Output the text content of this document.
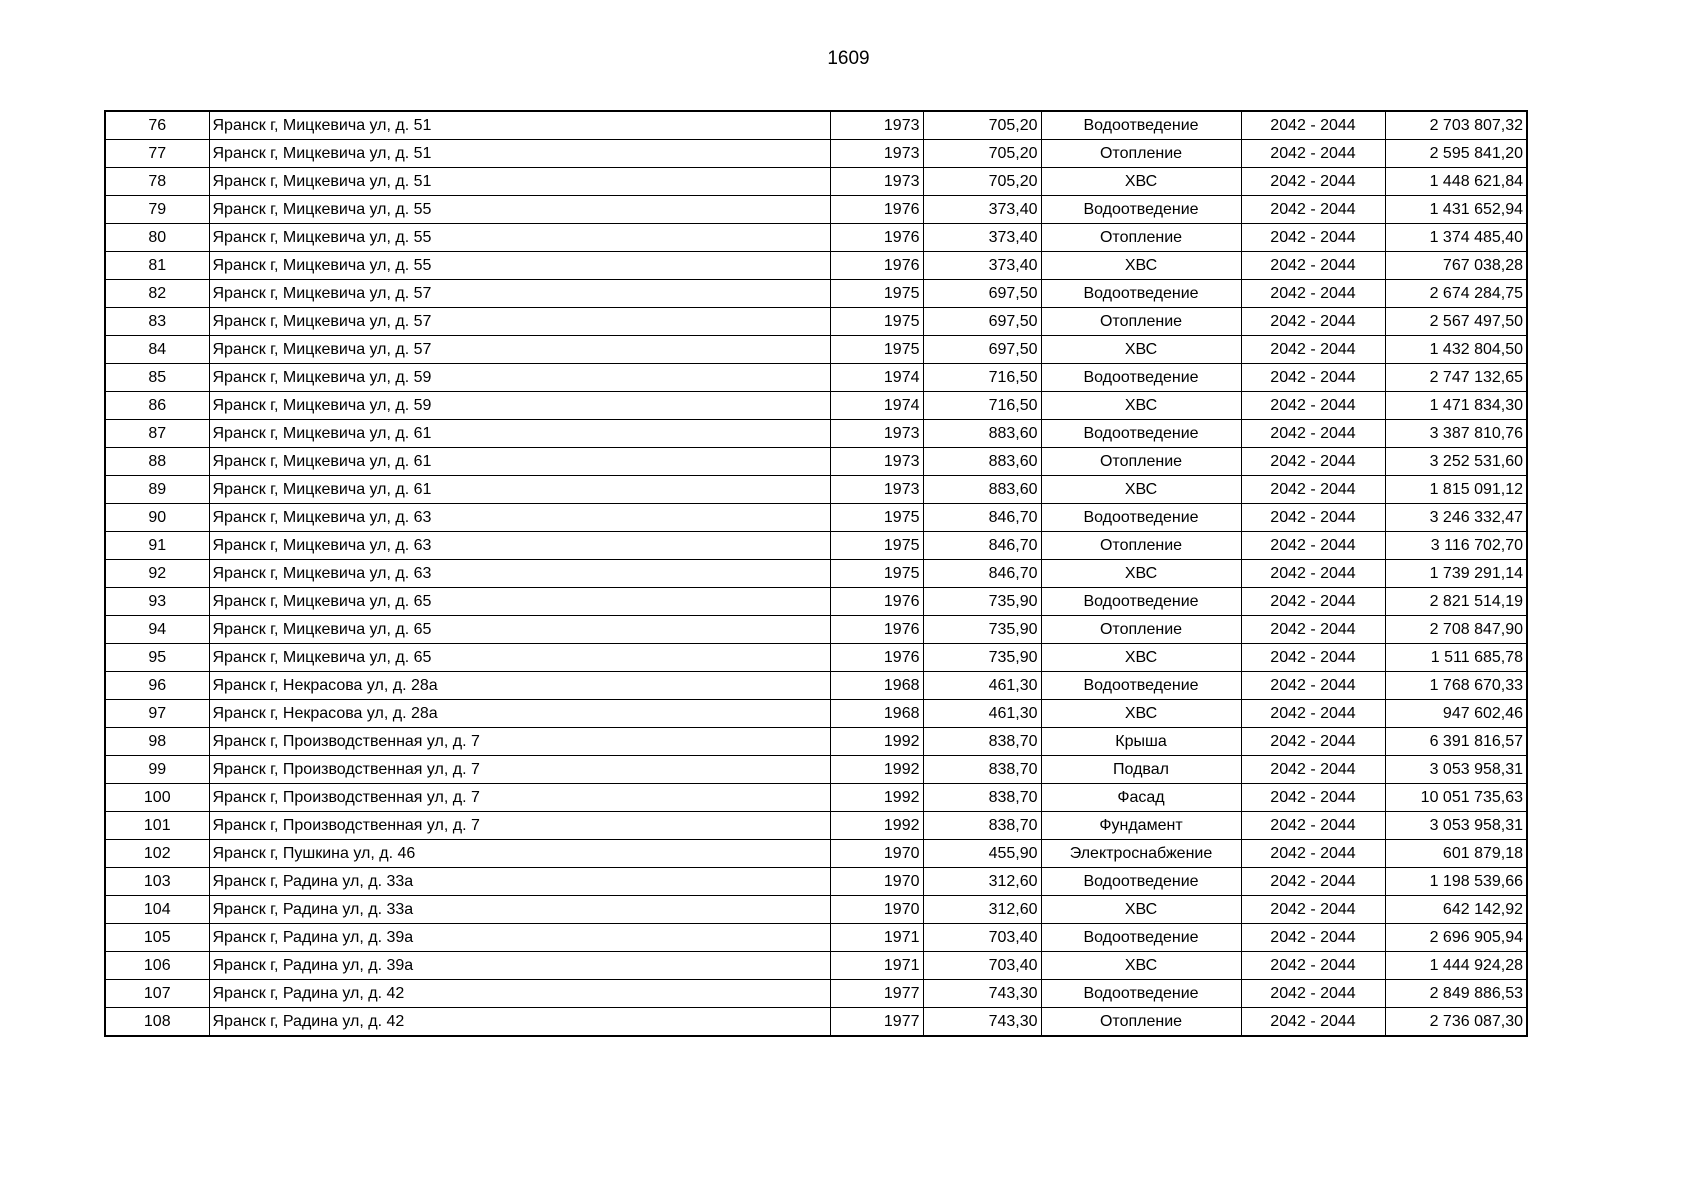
1609
76	Яранск г, Мицкевича ул, д. 51	1973	705,20	Водоотведение	2042 - 2044	2 703 807,32
77	Яранск г, Мицкевича ул, д. 51	1973	705,20	Отопление	2042 - 2044	2 595 841,20
78	Яранск г, Мицкевича ул, д. 51	1973	705,20	ХВС	2042 - 2044	1 448 621,84
79	Яранск г, Мицкевича ул, д. 55	1976	373,40	Водоотведение	2042 - 2044	1 431 652,94
80	Яранск г, Мицкевича ул, д. 55	1976	373,40	Отопление	2042 - 2044	1 374 485,40
81	Яранск г, Мицкевича ул, д. 55	1976	373,40	ХВС	2042 - 2044	767 038,28
82	Яранск г, Мицкевича ул, д. 57	1975	697,50	Водоотведение	2042 - 2044	2 674 284,75
83	Яранск г, Мицкевича ул, д. 57	1975	697,50	Отопление	2042 - 2044	2 567 497,50
84	Яранск г, Мицкевича ул, д. 57	1975	697,50	ХВС	2042 - 2044	1 432 804,50
85	Яранск г, Мицкевича ул, д. 59	1974	716,50	Водоотведение	2042 - 2044	2 747 132,65
86	Яранск г, Мицкевича ул, д. 59	1974	716,50	ХВС	2042 - 2044	1 471 834,30
87	Яранск г, Мицкевича ул, д. 61	1973	883,60	Водоотведение	2042 - 2044	3 387 810,76
88	Яранск г, Мицкевича ул, д. 61	1973	883,60	Отопление	2042 - 2044	3 252 531,60
89	Яранск г, Мицкевича ул, д. 61	1973	883,60	ХВС	2042 - 2044	1 815 091,12
90	Яранск г, Мицкевича ул, д. 63	1975	846,70	Водоотведение	2042 - 2044	3 246 332,47
91	Яранск г, Мицкевича ул, д. 63	1975	846,70	Отопление	2042 - 2044	3 116 702,70
92	Яранск г, Мицкевича ул, д. 63	1975	846,70	ХВС	2042 - 2044	1 739 291,14
93	Яранск г, Мицкевича ул, д. 65	1976	735,90	Водоотведение	2042 - 2044	2 821 514,19
94	Яранск г, Мицкевича ул, д. 65	1976	735,90	Отопление	2042 - 2044	2 708 847,90
95	Яранск г, Мицкевича ул, д. 65	1976	735,90	ХВС	2042 - 2044	1 511 685,78
96	Яранск г, Некрасова ул, д. 28а	1968	461,30	Водоотведение	2042 - 2044	1 768 670,33
97	Яранск г, Некрасова ул, д. 28а	1968	461,30	ХВС	2042 - 2044	947 602,46
98	Яранск г, Производственная ул, д. 7	1992	838,70	Крыша	2042 - 2044	6 391 816,57
99	Яранск г, Производственная ул, д. 7	1992	838,70	Подвал	2042 - 2044	3 053 958,31
100	Яранск г, Производственная ул, д. 7	1992	838,70	Фасад	2042 - 2044	10 051 735,63
101	Яранск г, Производственная ул, д. 7	1992	838,70	Фундамент	2042 - 2044	3 053 958,31
102	Яранск г, Пушкина ул, д. 46	1970	455,90	Электроснабжение	2042 - 2044	601 879,18
103	Яранск г, Радина ул, д. 33а	1970	312,60	Водоотведение	2042 - 2044	1 198 539,66
104	Яранск г, Радина ул, д. 33а	1970	312,60	ХВС	2042 - 2044	642 142,92
105	Яранск г, Радина ул, д. 39а	1971	703,40	Водоотведение	2042 - 2044	2 696 905,94
106	Яранск г, Радина ул, д. 39а	1971	703,40	ХВС	2042 - 2044	1 444 924,28
107	Яранск г, Радина ул, д. 42	1977	743,30	Водоотведение	2042 - 2044	2 849 886,53
108	Яранск г, Радина ул, д. 42	1977	743,30	Отопление	2042 - 2044	2 736 087,30
